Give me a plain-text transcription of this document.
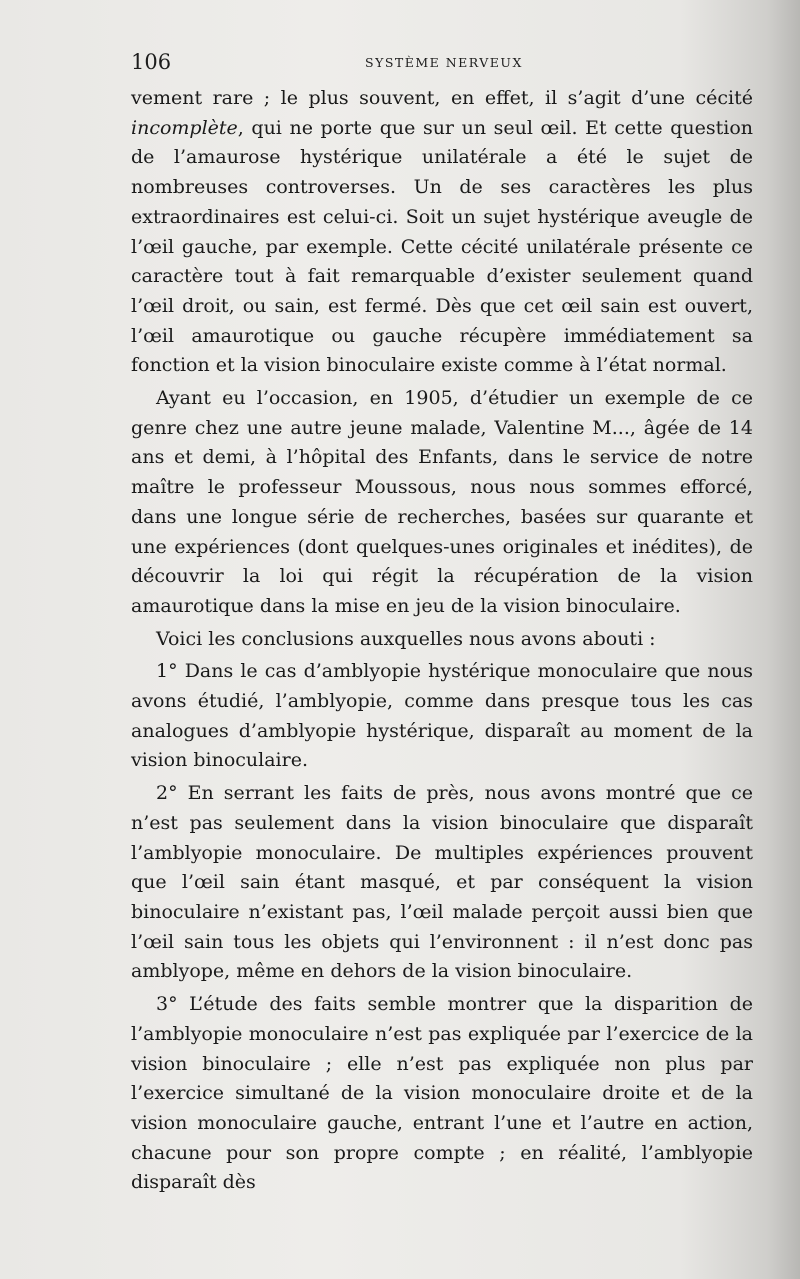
106	SYSTÈME NERVEUX

vement rare ; le plus souvent, en effet, il s’agit d’une cécité incomplète, qui ne porte que sur un seul œil. Et cette question de l’amaurose hystérique unilatérale a été le sujet de nombreuses controverses. Un de ses caractères les plus extraordinaires est celui-ci. Soit un sujet hystérique aveugle de l’œil gauche, par exemple. Cette cécité unilatérale présente ce caractère tout à fait remarquable d’exister seulement quand l’œil droit, ou sain, est fermé. Dès que cet œil sain est ouvert, l’œil amaurotique ou gauche récupère immédiatement sa fonction et la vision binoculaire existe comme à l’état normal.

Ayant eu l’occasion, en 1905, d’étudier un exemple de ce genre chez une autre jeune malade, Valentine M..., âgée de 14 ans et demi, à l’hôpital des Enfants, dans le service de notre maître le professeur Moussous, nous nous sommes efforcé, dans une longue série de recherches, basées sur quarante et une expériences (dont quelques-unes originales et inédites), de découvrir la loi qui régit la récupération de la vision amaurotique dans la mise en jeu de la vision binoculaire.

Voici les conclusions auxquelles nous avons abouti :

1° Dans le cas d’amblyopie hystérique monoculaire que nous avons étudié, l’amblyopie, comme dans presque tous les cas analogues d’amblyopie hystérique, disparaît au moment de la vision binoculaire.

2° En serrant les faits de près, nous avons montré que ce n’est pas seulement dans la vision binoculaire que disparaît l’amblyopie monoculaire. De multiples expériences prouvent que l’œil sain étant masqué, et par conséquent la vision binoculaire n’existant pas, l’œil malade perçoit aussi bien que l’œil sain tous les objets qui l’environnent : il n’est donc pas amblyope, même en dehors de la vision binoculaire.

3° L’étude des faits semble montrer que la disparition de l’amblyopie monoculaire n’est pas expliquée par l’exercice de la vision binoculaire ; elle n’est pas expliquée non plus par l’exercice simultané de la vision monoculaire droite et de la vision monoculaire gauche, entrant l’une et l’autre en action, chacune pour son propre compte ; en réalité, l’amblyopie disparaît dès
